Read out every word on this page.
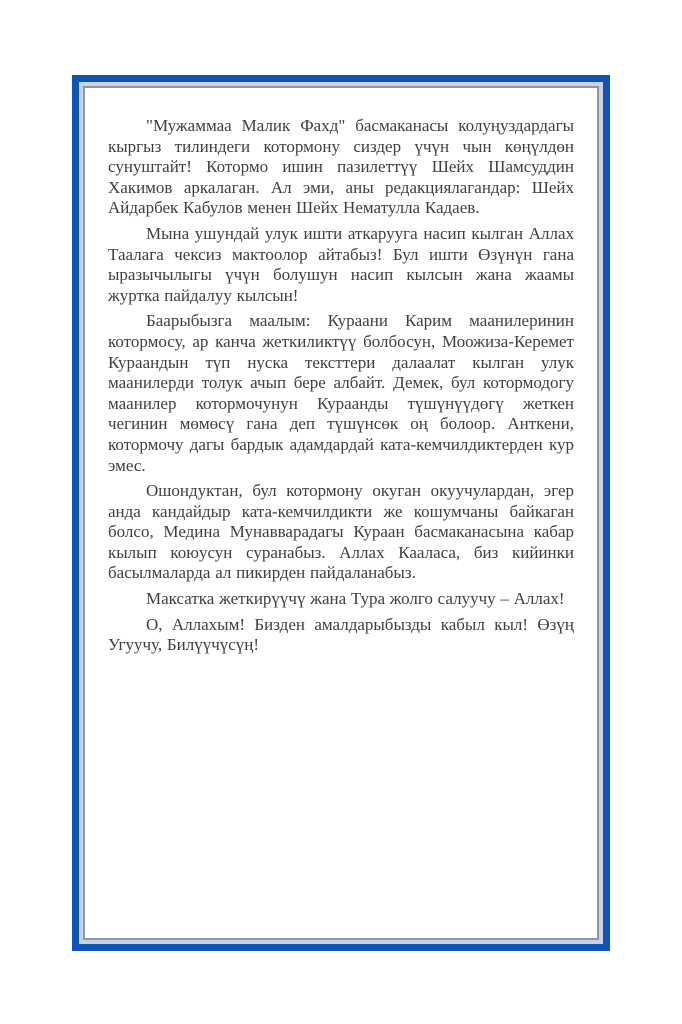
"Мужаммаа Малик Фахд" басмаканасы колуңуздардагы кыргыз тилиндеги котормону сиздер үчүн чын көңүлдөн сунуштайт! Котормо ишин пазилеттүү Шейх Шамсуддин Хакимов аркалаган. Ал эми, аны редакциялагандар: Шейх Айдарбек Кабулов менен Шейх Нематулла Кадаев.

Мына ушундай улук ишти аткарууга насип кылган Аллах Таалага чексиз мактоолор айтабыз! Бул ишти Өзүнүн гана ыразычылыгы үчүн болушун насип кылсын жана жаамы журтка пайдалуу кылсын!

Баарыбызга маалым: Кураани Карим маанилеринин котормосу, ар канча жеткиликтүү болбосун, Моожиза-Керемет Кураандын түп нуска тексттери далаалат кылган улук маанилерди толук ачып бере албайт. Демек, бул котормодогу маанилер котормочунун Кураанды түшүнүүдөгү жеткен чегинин мөмөсү гана деп түшүнсөк оң болоор. Анткени, котормочу дагы бардык адамдардай ката-кемчилдиктерден кур эмес.

Ошондуктан, бул котормону окуган окуучулардан, эгер анда кандайдыр ката-кемчилдикти же кошумчаны байкаган болсо, Медина Мунавварадагы Кураан басмаканасына кабар кылып коюусун суранабыз. Аллах Кааласа, биз кийинки басылмаларда ал пикирден пайдаланабыз.

Максатка жеткирүүчү жана Тура жолго салуучу – Аллах!

О, Аллахым! Бизден амалдарыбызды кабыл кыл! Өзүң Угуучу, Билүүчүсүң!
